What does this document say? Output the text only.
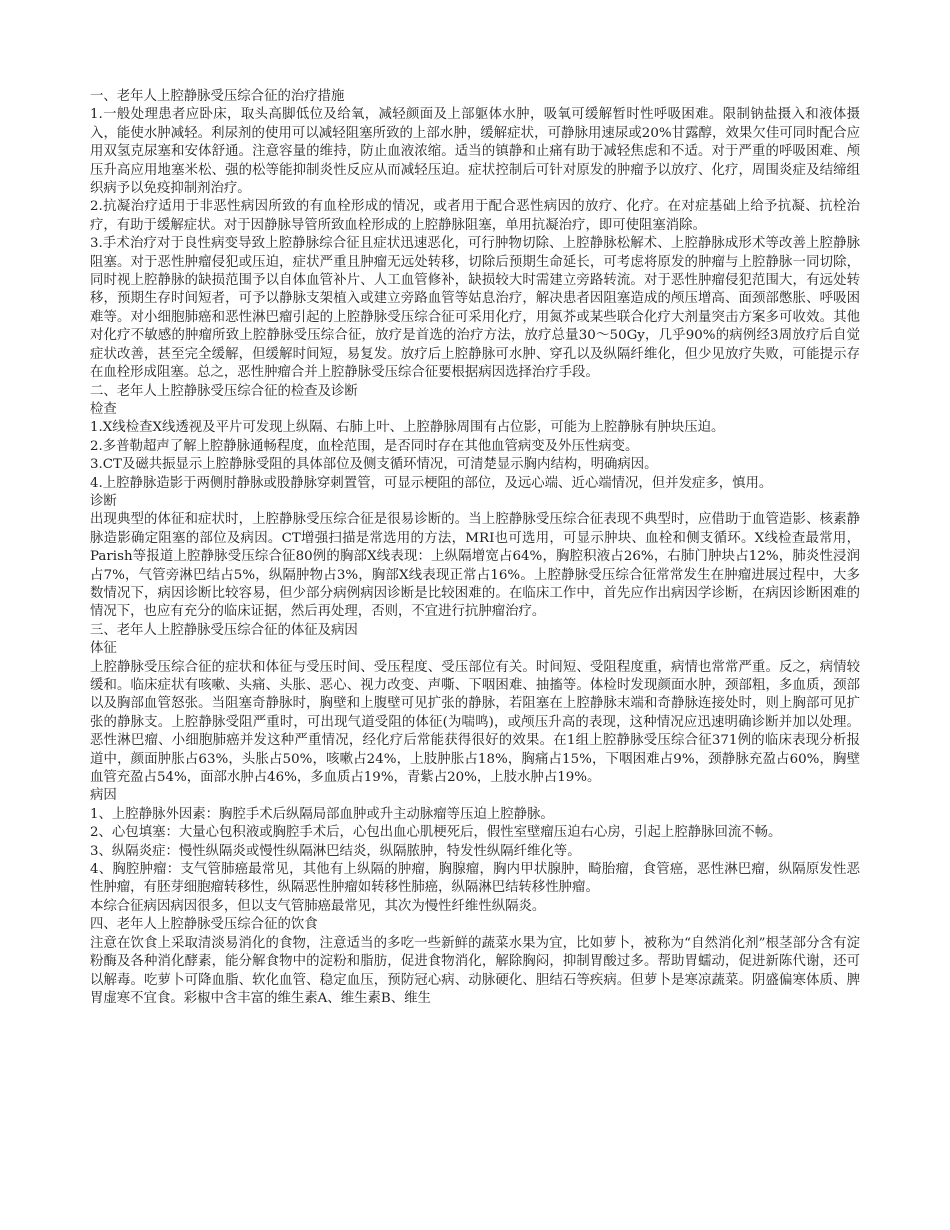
一、老年人上腔静脉受压综合征的治疗措施

1.一般处理患者应卧床，取头高脚低位及给氧，减轻颜面及上部躯体水肿，吸氧可缓解暂时性呼吸困难。限制钠盐摄入和液体摄入，能使水肿减轻。利尿剂的使用可以减轻阻塞所致的上部水肿，缓解症状，可静脉用速尿或20%甘露醇，效果欠佳可同时配合应用双氢克尿塞和安体舒通。注意容量的维持，防止血液浓缩。适当的镇静和止痛有助于减轻焦虑和不适。对于严重的呼吸困难、颅压升高应用地塞米松、强的松等能抑制炎性反应从而减轻压迫。症状控制后可针对原发的肿瘤予以放疗、化疗，周围炎症及结缔组织病予以免疫抑制剂治疗。

2.抗凝治疗适用于非恶性病因所致的有血栓形成的情况，或者用于配合恶性病因的放疗、化疗。在对症基础上给予抗凝、抗栓治疗，有助于缓解症状。对于因静脉导管所致血栓形成的上腔静脉阻塞，单用抗凝治疗，即可使阻塞消除。

3.手术治疗对于良性病变导致上腔静脉综合征且症状迅速恶化，可行肿物切除、上腔静脉松解术、上腔静脉成形术等改善上腔静脉阻塞。对于恶性肿瘤侵犯或压迫，症状严重且肿瘤无远处转移，切除后预期生命延长，可考虑将原发的肿瘤与上腔静脉一同切除，同时视上腔静脉的缺损范围予以自体血管补片、人工血管修补，缺损较大时需建立旁路转流。对于恶性肿瘤侵犯范围大，有远处转移，预期生存时间短者，可予以静脉支架植入或建立旁路血管等姑息治疗，解决患者因阻塞造成的颅压增高、面颈部憋胀、呼吸困难等。对小细胞肺癌和恶性淋巴瘤引起的上腔静脉受压综合征可采用化疗，用氮芥或某些联合化疗大剂量突击方案多可收效。其他对化疗不敏感的肿瘤所致上腔静脉受压综合征，放疗是首选的治疗方法，放疗总量30～50Gy，几乎90%的病例经3周放疗后自觉症状改善，甚至完全缓解，但缓解时间短，易复发。放疗后上腔静脉可水肿、穿孔以及纵隔纤维化，但少见放疗失败，可能提示存在血栓形成阻塞。总之，恶性肿瘤合并上腔静脉受压综合征要根据病因选择治疗手段。

二、老年人上腔静脉受压综合征的检查及诊断

检查

1.X线检查X线透视及平片可发现上纵隔、右肺上叶、上腔静脉周围有占位影，可能为上腔静脉有肿块压迫。

2.多普勒超声了解上腔静脉通畅程度，血栓范围，是否同时存在其他血管病变及外压性病变。

3.CT及磁共振显示上腔静脉受阻的具体部位及侧支循环情况，可清楚显示胸内结构，明确病因。

4.上腔静脉造影于两侧肘静脉或股静脉穿刺置管，可显示梗阻的部位，及远心端、近心端情况，但并发症多，慎用。

诊断

出现典型的体征和症状时，上腔静脉受压综合征是很易诊断的。当上腔静脉受压综合征表现不典型时，应借助于血管造影、核素静脉造影确定阻塞的部位及病因。CT增强扫描是常选用的方法，MRI也可选用，可显示肿块、血栓和侧支循环。X线检查最常用，Parish等报道上腔静脉受压综合征80例的胸部X线表现：上纵隔增宽占64%，胸腔积液占26%，右肺门肿块占12%，肺炎性浸润占7%，气管旁淋巴结占5%，纵隔肿物占3%，胸部X线表现正常占16%。上腔静脉受压综合征常常发生在肿瘤进展过程中，大多数情况下，病因诊断比较容易，但少部分病例病因诊断是比较困难的。在临床工作中，首先应作出病因学诊断，在病因诊断困难的情况下，也应有充分的临床证据，然后再处理，否则，不宜进行抗肿瘤治疗。

三、老年人上腔静脉受压综合征的体征及病因

体征

上腔静脉受压综合征的症状和体征与受压时间、受压程度、受压部位有关。时间短、受阻程度重，病情也常常严重。反之，病情较缓和。临床症状有咳嗽、头痛、头胀、恶心、视力改变、声嘶、下咽困难、抽搐等。体检时发现颜面水肿，颈部粗，多血质，颈部以及胸部血管怒张。当阻塞奇静脉时，胸壁和上腹壁可见扩张的静脉，若阻塞在上腔静脉末端和奇静脉连接处时，则上胸部可见扩张的静脉支。上腔静脉受阻严重时，可出现气道受阻的体征(为喘鸣)，或颅压升高的表现，这种情况应迅速明确诊断并加以处理。恶性淋巴瘤、小细胞肺癌并发这种严重情况，经化疗后常能获得很好的效果。在1组上腔静脉受压综合征371例的临床表现分析报道中，颜面肿胀占63%，头胀占50%，咳嗽占24%，上肢肿胀占18%，胸痛占15%，下咽困难占9%，颈静脉充盈占60%，胸壁血管充盈占54%，面部水肿占46%，多血质占19%，青紫占20%，上肢水肿占19%。

病因

1、上腔静脉外因素：胸腔手术后纵隔局部血肿或升主动脉瘤等压迫上腔静脉。

2、心包填塞：大量心包积液或胸腔手术后，心包出血心肌梗死后，假性室壁瘤压迫右心房，引起上腔静脉回流不畅。

3、纵隔炎症：慢性纵隔炎或慢性纵隔淋巴结炎，纵隔脓肿，特发性纵隔纤维化等。

4、胸腔肿瘤：支气管肺癌最常见，其他有上纵隔的肿瘤，胸腺瘤，胸内甲状腺肿，畸胎瘤，食管癌，恶性淋巴瘤，纵隔原发性恶性肿瘤，有胚芽细胞瘤转移性，纵隔恶性肿瘤如转移性肺癌，纵隔淋巴结转移性肿瘤。

本综合征病因病因很多，但以支气管肺癌最常见，其次为慢性纤维性纵隔炎。

四、老年人上腔静脉受压综合征的饮食

注意在饮食上采取清淡易消化的食物，注意适当的多吃一些新鲜的蔬菜水果为宜，比如萝卜，被称为“自然消化剂”根茎部分含有淀粉酶及各种消化酵素，能分解食物中的淀粉和脂肪，促进食物消化，解除胸闷，抑制胃酸过多。帮助胃蠕动，促进新陈代谢，还可以解毒。吃萝卜可降血脂、软化血管、稳定血压，预防冠心病、动脉硬化、胆结石等疾病。但萝卜是寒凉蔬菜。阴盛偏寒体质、脾胃虚寒不宜食。彩椒中含丰富的维生素A、维生素B、维生
